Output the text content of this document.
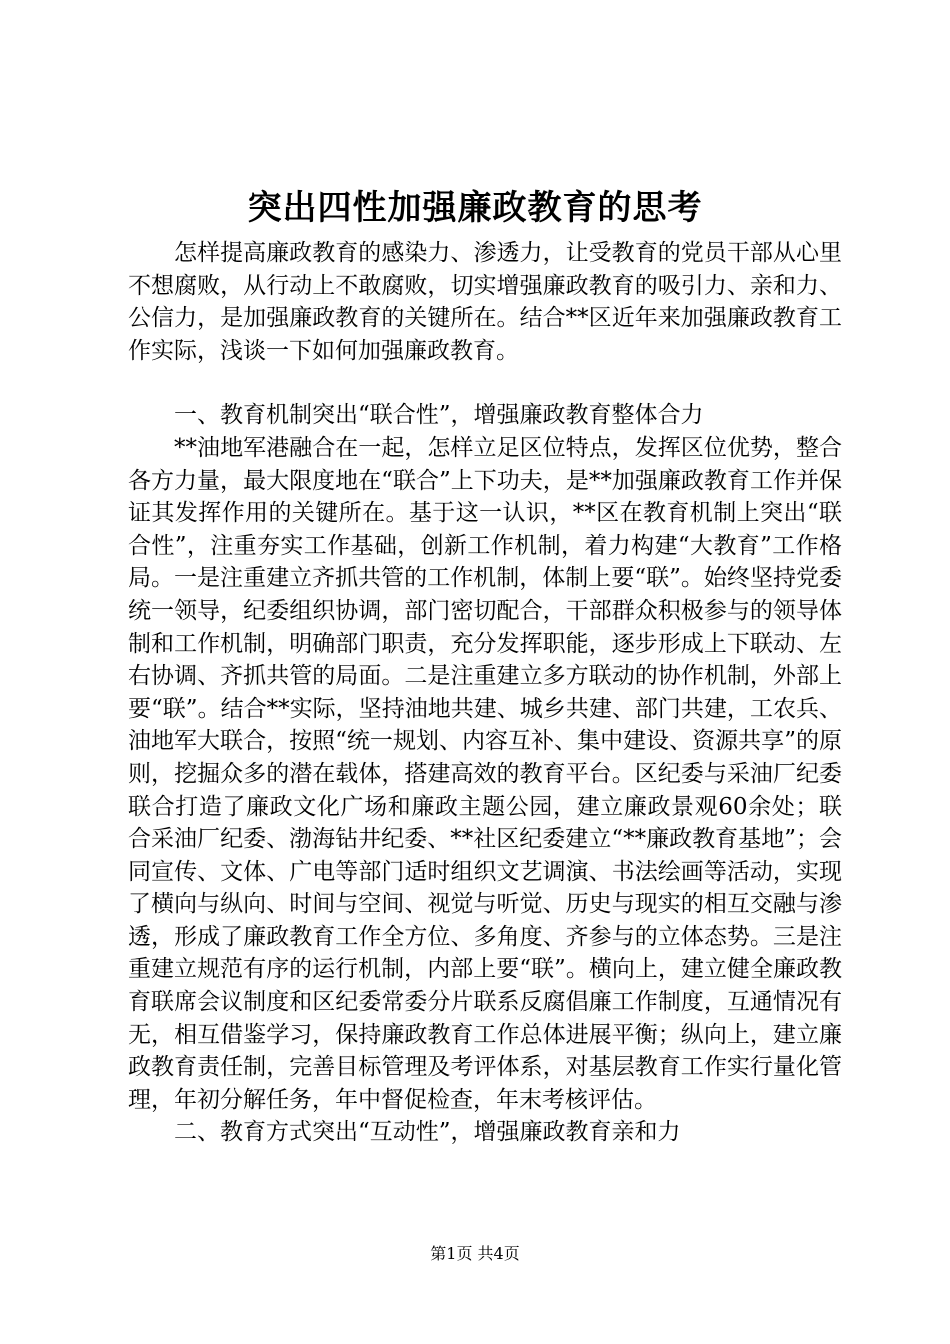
突出四性加强廉政教育的思考

怎样提高廉政教育的感染力、渗透力，让受教育的党员干部从心里不想腐败，从行动上不敢腐败，切实增强廉政教育的吸引力、亲和力、公信力，是加强廉政教育的关键所在。结合**区近年来加强廉政教育工作实际，浅谈一下如何加强廉政教育。

一、教育机制突出“联合性”，增强廉政教育整体合力

**油地军港融合在一起，怎样立足区位特点，发挥区位优势，整合各方力量，最大限度地在“联合”上下功夫，是**加强廉政教育工作并保证其发挥作用的关键所在。基于这一认识，**区在教育机制上突出“联合性”，注重夯实工作基础，创新工作机制，着力构建“大教育”工作格局。一是注重建立齐抓共管的工作机制，体制上要“联”。始终坚持党委统一领导，纪委组织协调，部门密切配合，干部群众积极参与的领导体制和工作机制，明确部门职责，充分发挥职能，逐步形成上下联动、左右协调、齐抓共管的局面。二是注重建立多方联动的协作机制，外部上要“联”。结合**实际，坚持油地共建、城乡共建、部门共建，工农兵、油地军大联合，按照“统一规划、内容互补、集中建设、资源共享”的原则，挖掘众多的潜在载体，搭建高效的教育平台。区纪委与采油厂纪委联合打造了廉政文化广场和廉政主题公园，建立廉政景观60余处；联合采油厂纪委、渤海钻井纪委、**社区纪委建立“**廉政教育基地”；会同宣传、文体、广电等部门适时组织文艺调演、书法绘画等活动，实现了横向与纵向、时间与空间、视觉与听觉、历史与现实的相互交融与渗透，形成了廉政教育工作全方位、多角度、齐参与的立体态势。三是注重建立规范有序的运行机制，内部上要“联”。横向上，建立健全廉政教育联席会议制度和区纪委常委分片联系反腐倡廉工作制度，互通情况有无，相互借鉴学习，保持廉政教育工作总体进展平衡；纵向上，建立廉政教育责任制，完善目标管理及考评体系，对基层教育工作实行量化管理，年初分解任务，年中督促检查，年末考核评估。

二、教育方式突出“互动性”，增强廉政教育亲和力

第1页 共4页
